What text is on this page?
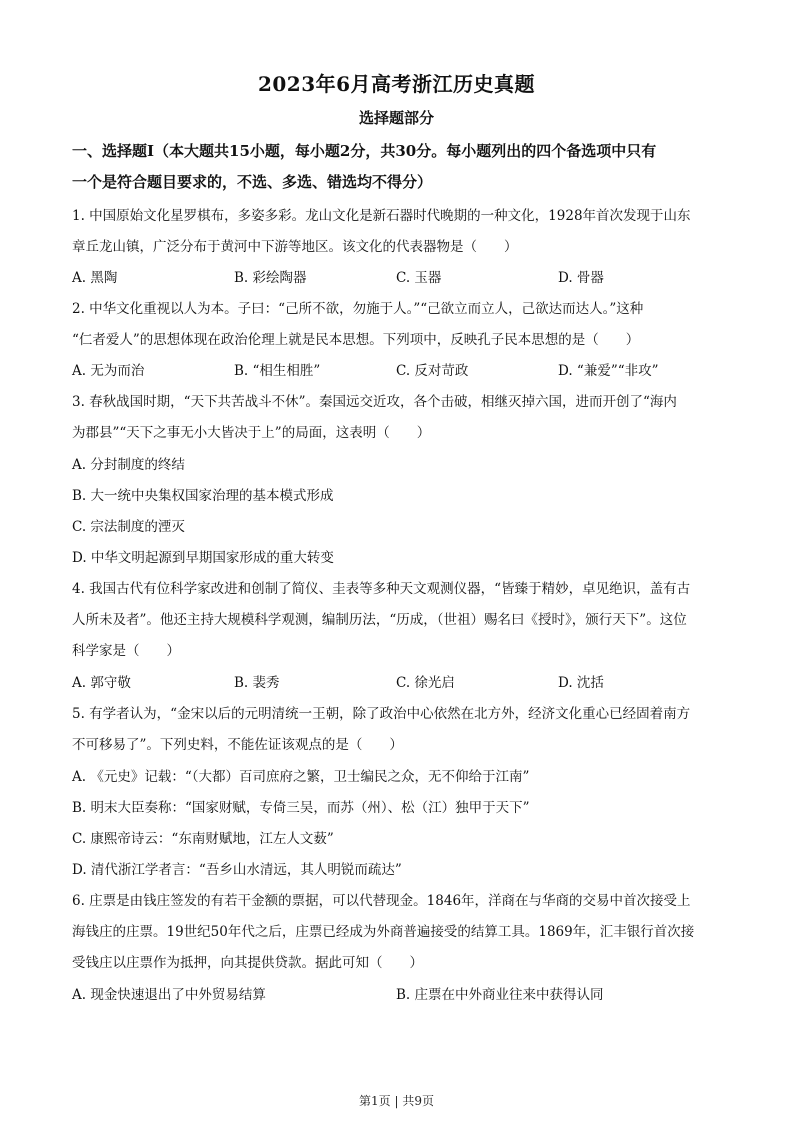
2023年6月高考浙江历史真题
选择题部分
一、选择题Ⅰ（本大题共15小题，每小题2分，共30分。每小题列出的四个备选项中只有
一个是符合题目要求的，不选、多选、错选均不得分）
1. 中国原始文化星罗棋布，多姿多彩。龙山文化是新石器时代晚期的一种文化，1928年首次发现于山东
章丘龙山镇，广泛分布于黄河中下游等地区。该文化的代表器物是（　　）
A. 黑陶	B. 彩绘陶器	C. 玉器	D. 骨器
2. 中华文化重视以人为本。子曰：“己所不欲，勿施于人。”“己欲立而立人，己欲达而达人。”这种
“仁者爱人”的思想体现在政治伦理上就是民本思想。下列项中，反映孔子民本思想的是（　　）
A. 无为而治	B. “相生相胜”	C. 反对苛政	D. “兼爱”“非攻”
3. 春秋战国时期，“天下共苦战斗不休”。秦国远交近攻，各个击破，相继灭掉六国，进而开创了“海内
为郡县”“天下之事无小大皆决于上”的局面，这表明（　　）
A. 分封制度的终结
B. 大一统中央集权国家治理的基本模式形成
C. 宗法制度的湮灭
D. 中华文明起源到早期国家形成的重大转变
4. 我国古代有位科学家改进和创制了简仪、圭表等多种天文观测仪器，“皆臻于精妙，卓见绝识，盖有古
人所未及者”。他还主持大规模科学观测，编制历法，“历成，（世祖）赐名曰《授时》，颁行天下”。这位
科学家是（　　）
A. 郭守敬	B. 裴秀	C. 徐光启	D. 沈括
5. 有学者认为，“金宋以后的元明清统一王朝，除了政治中心依然在北方外，经济文化重心已经固着南方
不可移易了”。下列史料，不能佐证该观点的是（　　）
A. 《元史》记载：“（大都）百司庶府之繁，卫士编民之众，无不仰给于江南”
B. 明末大臣奏称：“国家财赋，专倚三吴，而苏（州）、松（江）独甲于天下”
C. 康熙帝诗云：“东南财赋地，江左人文薮”
D. 清代浙江学者言：“吾乡山水清远，其人明锐而疏达”
6. 庄票是由钱庄签发的有若干金额的票据，可以代替现金。1846年，洋商在与华商的交易中首次接受上
海钱庄的庄票。19世纪50年代之后，庄票已经成为外商普遍接受的结算工具。1869年，汇丰银行首次接
受钱庄以庄票作为抵押，向其提供贷款。据此可知（　　）
A. 现金快速退出了中外贸易结算	B. 庄票在中外商业往来中获得认同
第1页 | 共9页
